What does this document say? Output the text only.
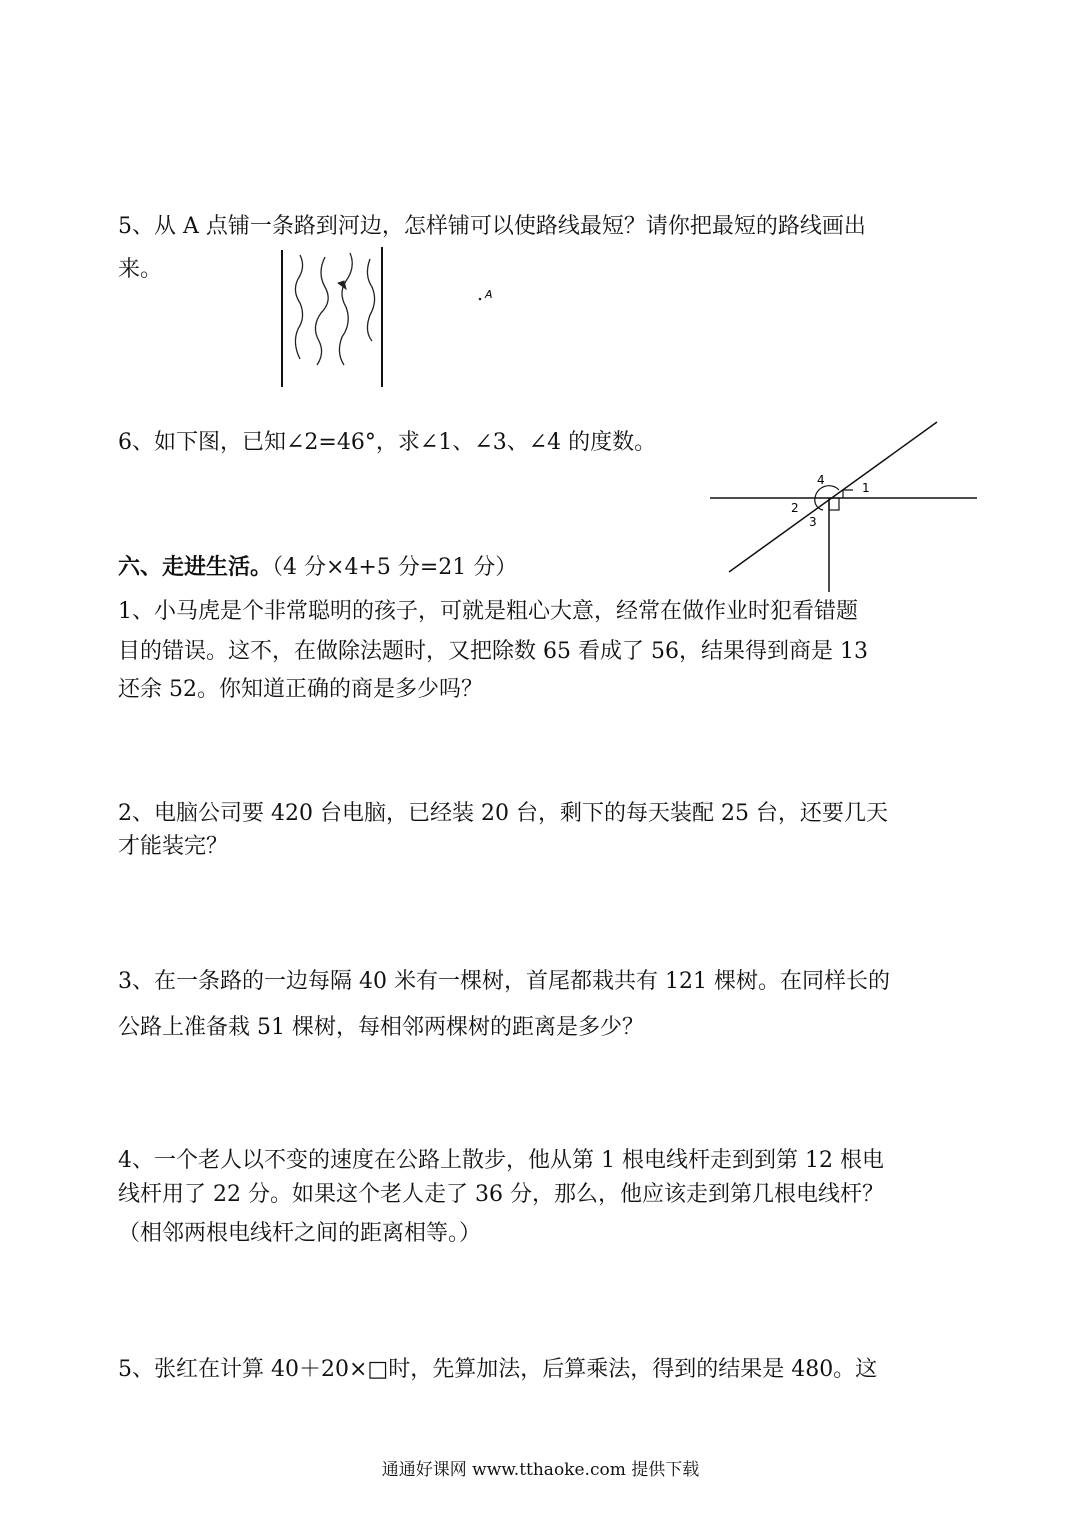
5、从 A 点铺一条路到河边，怎样铺可以使路线最短？请你把最短的路线画出

来。

A

6、如下图，已知∠2=46°，求∠1、∠3、∠4 的度数。

1
2
3
4

六、走进生活。（4 分×4+5 分=21 分）

1、小马虎是个非常聪明的孩子，可就是粗心大意，经常在做作业时犯看错题

目的错误。这不，在做除法题时，又把除数 65 看成了 56，结果得到商是 13

还余 52。你知道正确的商是多少吗？

2、电脑公司要 420 台电脑，已经装 20 台，剩下的每天装配 25 台，还要几天

才能装完？

3、在一条路的一边每隔 40 米有一棵树，首尾都栽共有 121 棵树。在同样长的

公路上准备栽 51 棵树，每相邻两棵树的距离是多少？

4、一个老人以不变的速度在公路上散步，他从第 1 根电线杆走到到第 12 根电

线杆用了 22 分。如果这个老人走了 36 分，那么，他应该走到第几根电线杆？

（相邻两根电线杆之间的距离相等。）

5、张红在计算 40＋20×□时，先算加法，后算乘法，得到的结果是 480。这

通通好课网 www.tthaoke.com 提供下载
